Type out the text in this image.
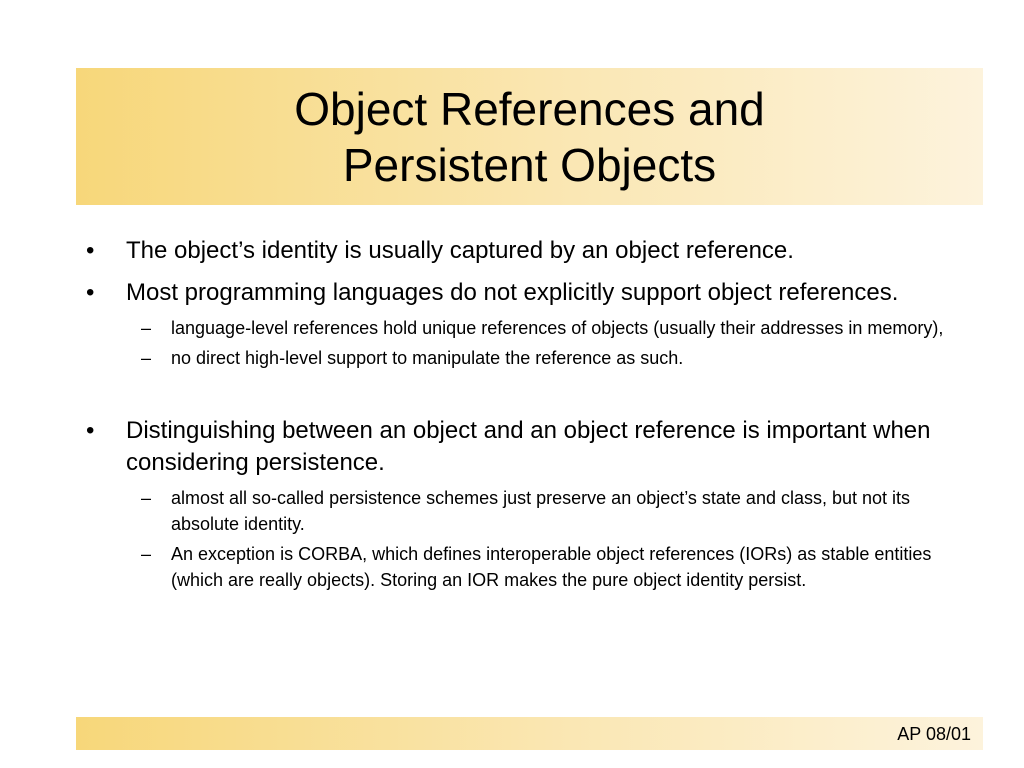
Object References and
Persistent Objects
•	The object’s identity is usually captured by an object reference.
•	Most programming languages do not explicitly support object references.
– language-level references hold unique references of objects (usually their addresses in memory),
– no direct high-level support to manipulate the reference as such.
•	Distinguishing between an object and an object reference is important when considering persistence.
– almost all so-called persistence schemes just preserve an object’s state and class, but not its absolute identity.
– An exception is CORBA, which defines interoperable object references (IORs) as stable entities (which are really objects). Storing an IOR makes the pure object identity persist.
AP 08/01
